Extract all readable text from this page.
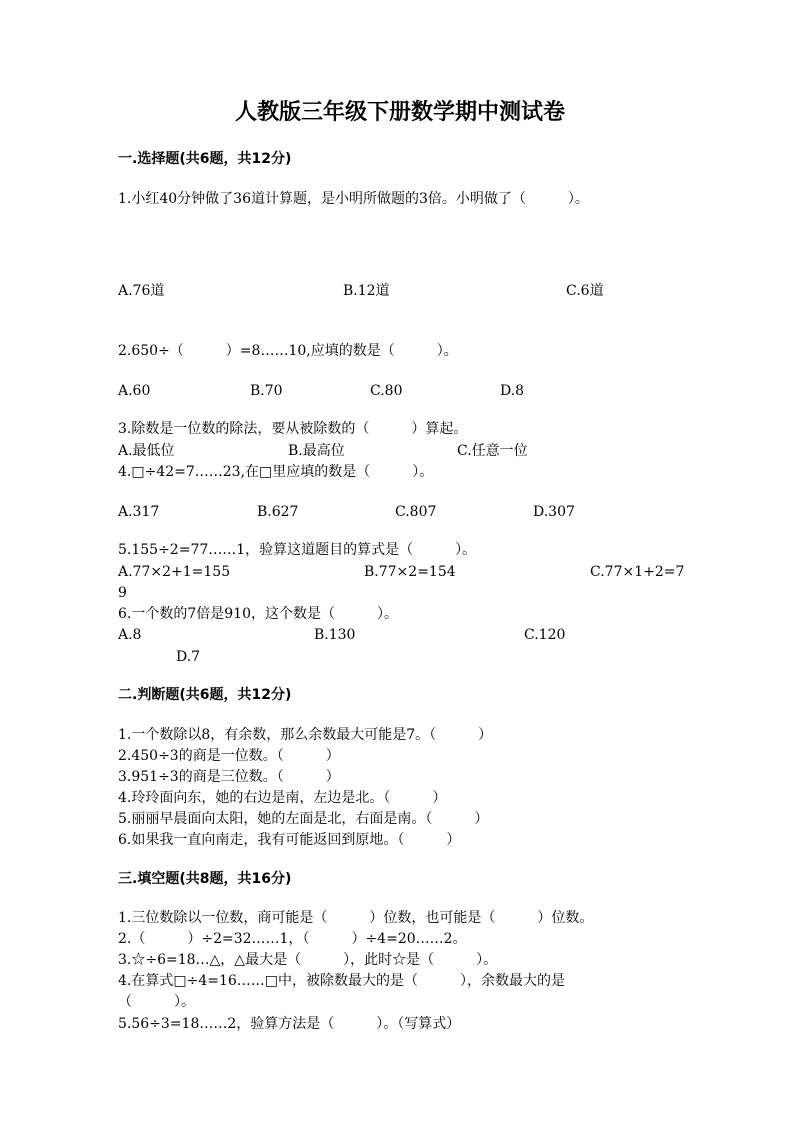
人教版三年级下册数学期中测试卷
一.选择题(共6题，共12分)
1.小红40分钟做了36道计算题，是小明所做题的3倍。小明做了（　　　）。
A.76道	B.12道	C.6道
2.650÷（　　　）=8……10,应填的数是（　　　）。
A.60	B.70	C.80	D.8
3.除数是一位数的除法，要从被除数的（　　　）算起。
A.最低位	B.最高位	C.任意一位
4.□÷42=7……23,在□里应填的数是（　　　）。
A.317	B.627	C.807	D.307
5.155÷2=77……1，验算这道题目的算式是（　　　）。
A.77×2+1=155	B.77×2=154	C.77×1+2=7
9
6.一个数的7倍是910，这个数是（　　　）。
A.8	B.130	C.120
D.7
二.判断题(共6题，共12分)
1.一个数除以8，有余数，那么余数最大可能是7。（　　　）
2.450÷3的商是一位数。（　　　）
3.951÷3的商是三位数。（　　　）
4.玲玲面向东，她的右边是南，左边是北。（　　　）
5.丽丽早晨面向太阳，她的左面是北，右面是南。（　　　）
6.如果我一直向南走，我有可能返回到原地。（　　　）
三.填空题(共8题，共16分)
1.三位数除以一位数，商可能是（　　　）位数，也可能是（　　　）位数。
2.（　　　）÷2=32……1，（　　　）÷4=20……2。
3.☆÷6=18…△，△最大是（　　　），此时☆是（　　　）。
4.在算式□÷4=16……□中，被除数最大的是（　　　），余数最大的是
（　　　）。
5.56÷3=18……2，验算方法是（　　　）。（写算式）
